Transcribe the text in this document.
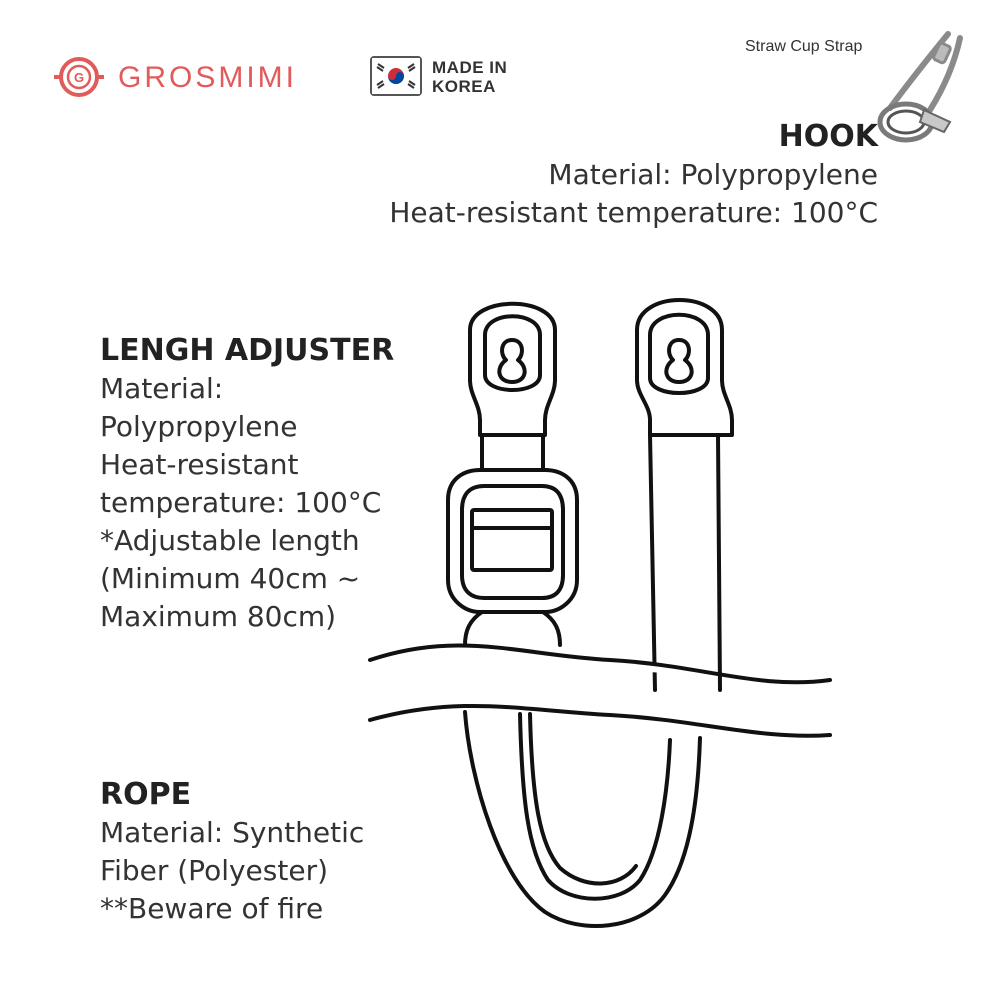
G GROSMIMI	MADE IN
KOREA
Straw Cup Strap
HOOK
Material: Polypropylene
Heat-resistant temperature: 100°C
LENGH ADJUSTER
Material:
Polypropylene
Heat-resistant
temperature: 100°C
*Adjustable length
(Minimum 40cm ~
Maximum 80cm)
ROPE
Material: Synthetic
Fiber (Polyester)
**Beware of fire
